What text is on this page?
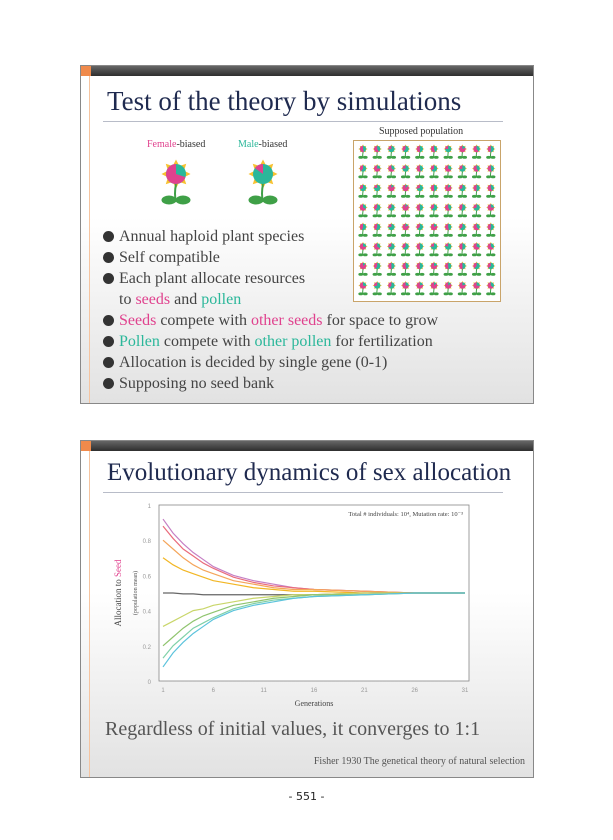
Test of the theory by simulations
Female-biased	Male-biased
Supposed population
Annual haploid plant species
Self compatible
Each plant allocate resources
to seeds and pollen
Seeds compete with other seeds for space to grow
Pollen compete with other pollen for fertilization
Allocation is decided by single gene (0-1)
Supposing no seed bank
Evolutionary dynamics of sex allocation
0
0.2
0.4
0.6
0.8
1
1	6	11	16	21	26	31
Total # individuals: 10⁴, Mutation rate: 10⁻³
Generations
Allocation to Seed
(population mean)
Regardless of initial values, it converges to 1:1
Fisher 1930 The genetical theory of natural selection
- 551 -
